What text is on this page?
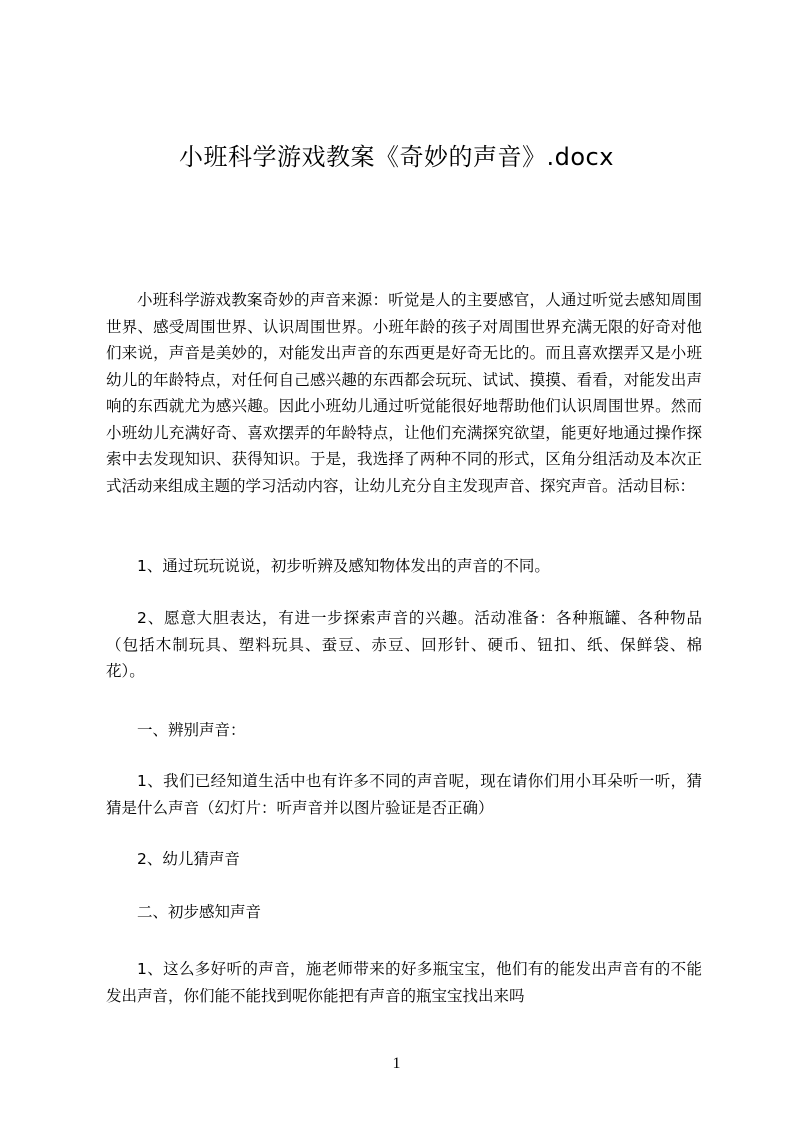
小班科学游戏教案《奇妙的声音》.docx
小班科学游戏教案奇妙的声音来源：听觉是人的主要感官，人通过听觉去感知周围世界、感受周围世界、认识周围世界。小班年龄的孩子对周围世界充满无限的好奇对他们来说，声音是美妙的，对能发出声音的东西更是好奇无比的。而且喜欢摆弄又是小班幼儿的年龄特点，对任何自己感兴趣的东西都会玩玩、试试、摸摸、看看，对能发出声响的东西就尤为感兴趣。因此小班幼儿通过听觉能很好地帮助他们认识周围世界。然而小班幼儿充满好奇、喜欢摆弄的年龄特点，让他们充满探究欲望，能更好地通过操作探索中去发现知识、获得知识。于是，我选择了两种不同的形式，区角分组活动及本次正式活动来组成主题的学习活动内容，让幼儿充分自主发现声音、探究声音。活动目标：
1、通过玩玩说说，初步听辨及感知物体发出的声音的不同。
2、愿意大胆表达，有进一步探索声音的兴趣。活动准备：各种瓶罐、各种物品（包括木制玩具、塑料玩具、蚕豆、赤豆、回形针、硬币、钮扣、纸、保鲜袋、棉花）。
一、辨别声音：
1、我们已经知道生活中也有许多不同的声音呢，现在请你们用小耳朵听一听，猜猜是什么声音（幻灯片：听声音并以图片验证是否正确）
2、幼儿猜声音
二、初步感知声音
1、这么多好听的声音，施老师带来的好多瓶宝宝，他们有的能发出声音有的不能发出声音，你们能不能找到呢你能把有声音的瓶宝宝找出来吗
1
